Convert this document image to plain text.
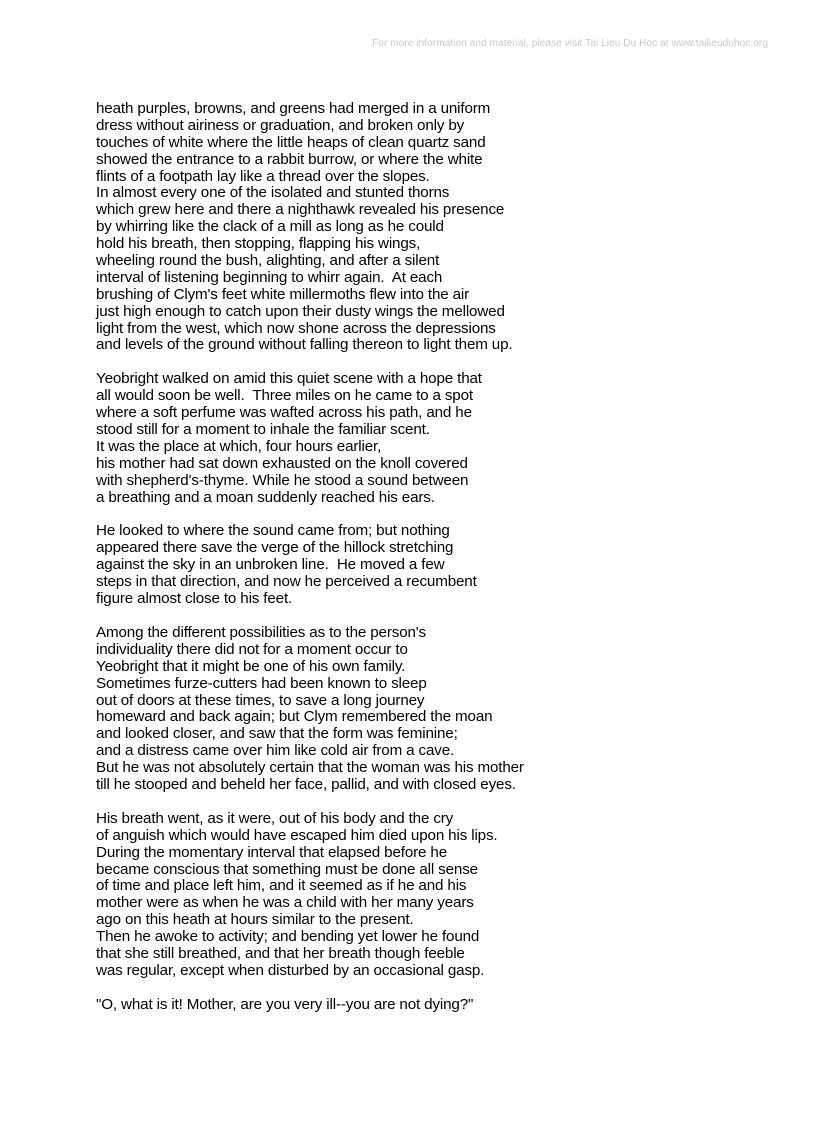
For more information and material, please visit Tai Lieu Du Hoc at www.tailieuduhoc.org
heath purples, browns, and greens had merged in a uniform
dress without airiness or graduation, and broken only by
touches of white where the little heaps of clean quartz sand
showed the entrance to a rabbit burrow, or where the white
flints of a footpath lay like a thread over the slopes.
In almost every one of the isolated and stunted thorns
which grew here and there a nighthawk revealed his presence
by whirring like the clack of a mill as long as he could
hold his breath, then stopping, flapping his wings,
wheeling round the bush, alighting, and after a silent
interval of listening beginning to whirr again.  At each
brushing of Clym's feet white millermoths flew into the air
just high enough to catch upon their dusty wings the mellowed
light from the west, which now shone across the depressions
and levels of the ground without falling thereon to light them up.
Yeobright walked on amid this quiet scene with a hope that
all would soon be well.  Three miles on he came to a spot
where a soft perfume was wafted across his path, and he
stood still for a moment to inhale the familiar scent.
It was the place at which, four hours earlier,
his mother had sat down exhausted on the knoll covered
with shepherd's-thyme. While he stood a sound between
a breathing and a moan suddenly reached his ears.
He looked to where the sound came from; but nothing
appeared there save the verge of the hillock stretching
against the sky in an unbroken line.  He moved a few
steps in that direction, and now he perceived a recumbent
figure almost close to his feet.
Among the different possibilities as to the person's
individuality there did not for a moment occur to
Yeobright that it might be one of his own family.
Sometimes furze-cutters had been known to sleep
out of doors at these times, to save a long journey
homeward and back again; but Clym remembered the moan
and looked closer, and saw that the form was feminine;
and a distress came over him like cold air from a cave.
But he was not absolutely certain that the woman was his mother
till he stooped and beheld her face, pallid, and with closed eyes.
His breath went, as it were, out of his body and the cry
of anguish which would have escaped him died upon his lips.
During the momentary interval that elapsed before he
became conscious that something must be done all sense
of time and place left him, and it seemed as if he and his
mother were as when he was a child with her many years
ago on this heath at hours similar to the present.
Then he awoke to activity; and bending yet lower he found
that she still breathed, and that her breath though feeble
was regular, except when disturbed by an occasional gasp.
"O, what is it! Mother, are you very ill--you are not dying?"
